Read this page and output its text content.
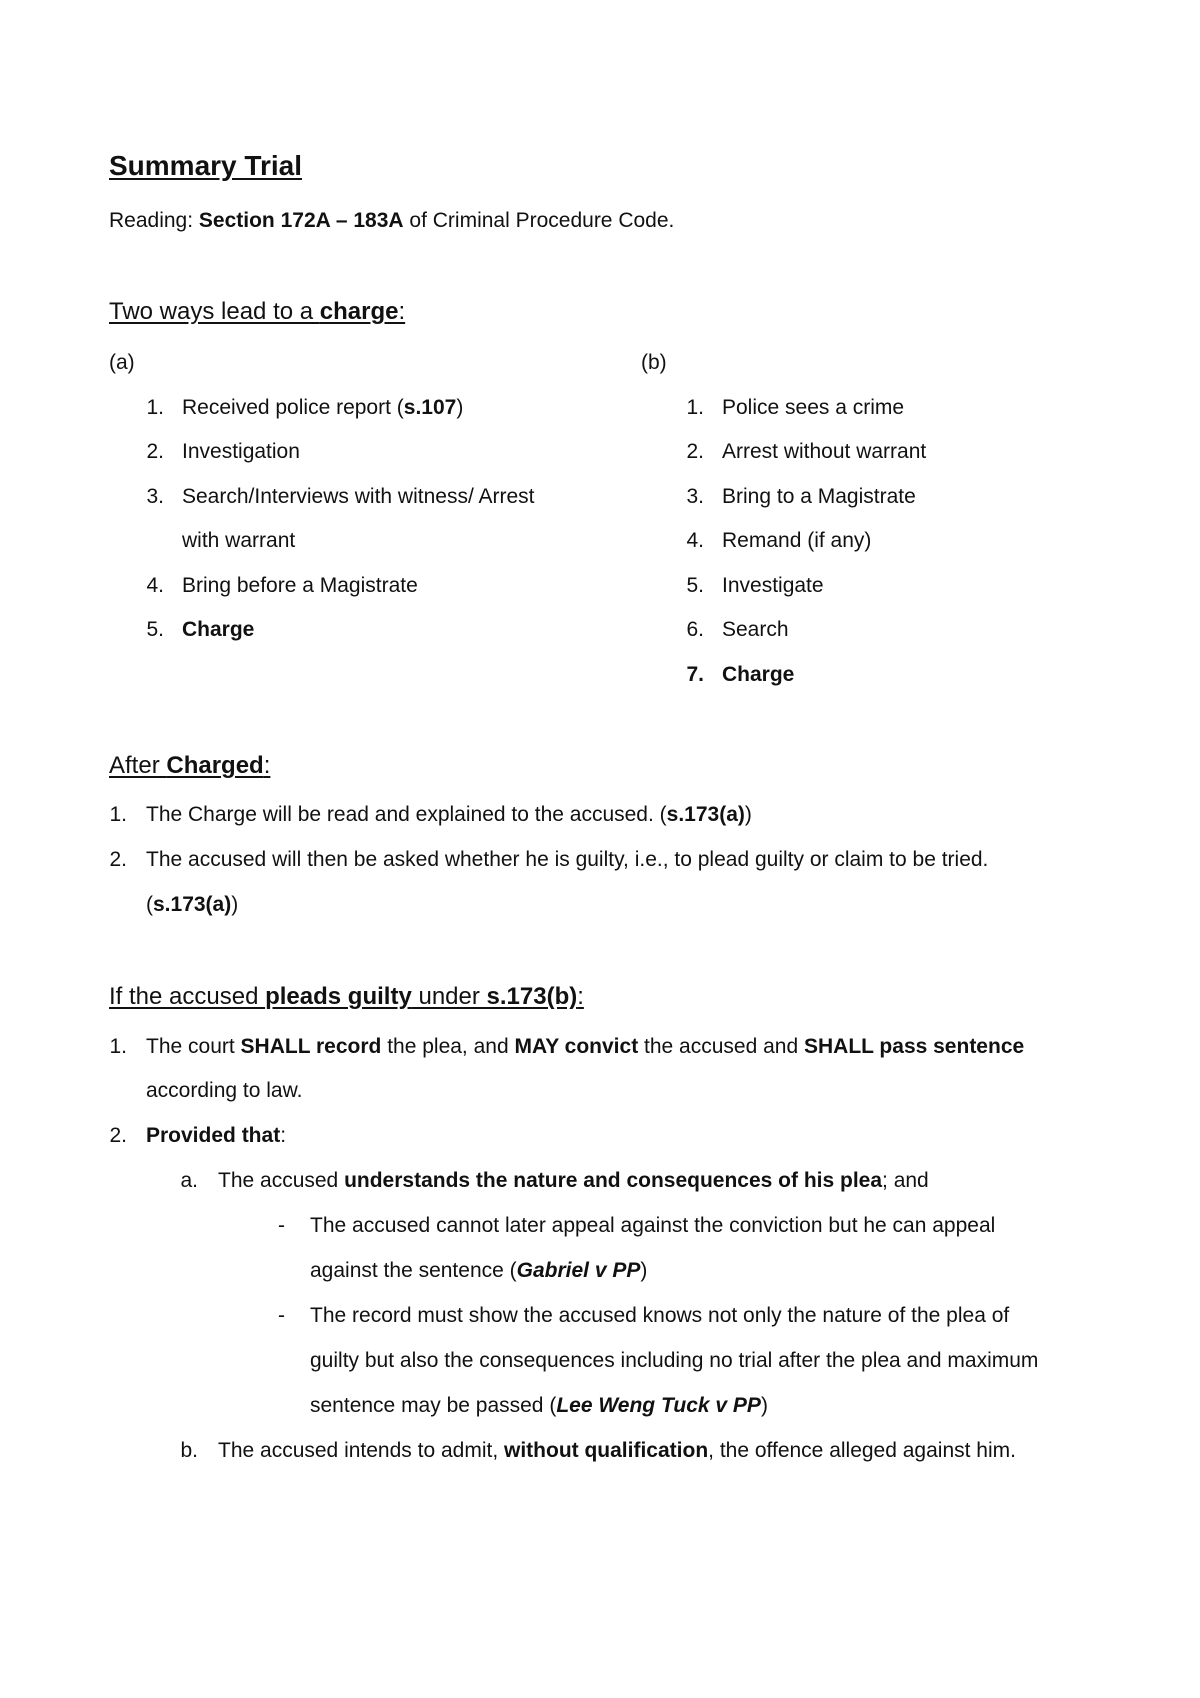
Summary Trial
Reading: Section 172A – 183A of Criminal Procedure Code.
Two ways lead to a charge:
(a)
1. Received police report (s.107)
2. Investigation
3. Search/Interviews with witness/ Arrest
with warrant
4. Bring before a Magistrate
5. Charge
(b)
1. Police sees a crime
2. Arrest without warrant
3. Bring to a Magistrate
4. Remand (if any)
5. Investigate
6. Search
7. Charge
After Charged:
1. The Charge will be read and explained to the accused. (s.173(a))
2. The accused will then be asked whether he is guilty, i.e., to plead guilty or claim to be tried.
(s.173(a))
If the accused pleads guilty under s.173(b):
1. The court SHALL record the plea, and MAY convict the accused and SHALL pass sentence
according to law.
2. Provided that:
a. The accused understands the nature and consequences of his plea; and
- The accused cannot later appeal against the conviction but he can appeal
against the sentence (Gabriel v PP)
- The record must show the accused knows not only the nature of the plea of
guilty but also the consequences including no trial after the plea and maximum
sentence may be passed (Lee Weng Tuck v PP)
b. The accused intends to admit, without qualification, the offence alleged against him.
